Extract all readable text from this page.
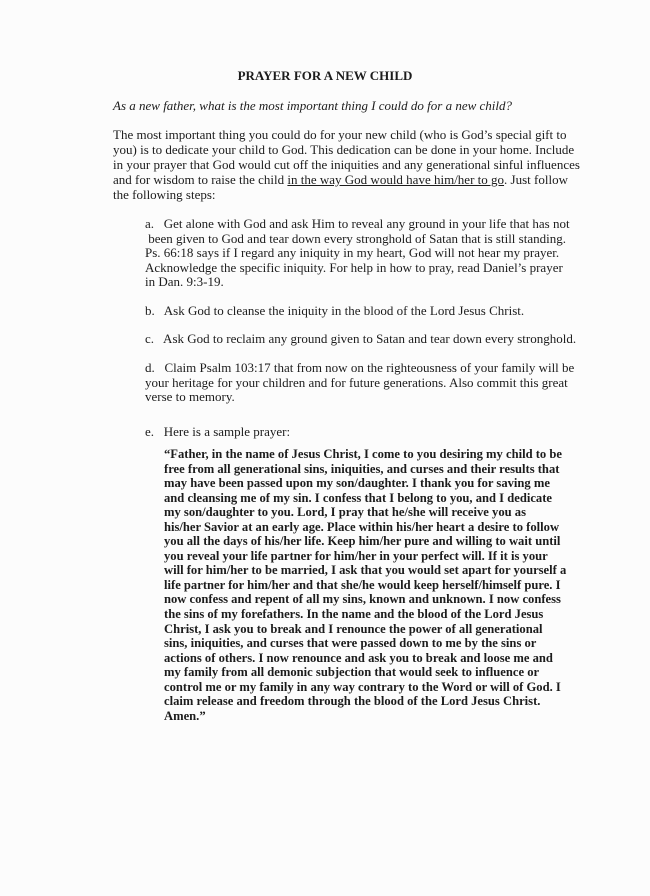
PRAYER FOR A NEW CHILD
As a new father, what is the most important thing I could do for a new child?
The most important thing you could do for your new child (who is God’s special gift to
you) is to dedicate your child to God. This dedication can be done in your home. Include
in your prayer that God would cut off the iniquities and any generational sinful influences
and for wisdom to raise the child in the way God would have him/her to go. Just follow
the following steps:
a.   Get alone with God and ask Him to reveal any ground in your life that has not
been given to God and tear down every stronghold of Satan that is still standing.
Ps. 66:18 says if I regard any iniquity in my heart, God will not hear my prayer.
Acknowledge the specific iniquity. For help in how to pray, read Daniel’s prayer
in Dan. 9:3-19.
b.   Ask God to cleanse the iniquity in the blood of the Lord Jesus Christ.
c.   Ask God to reclaim any ground given to Satan and tear down every stronghold.
d.   Claim Psalm 103:17 that from now on the righteousness of your family will be
your heritage for your children and for future generations. Also commit this great
verse to memory.
e.   Here is a sample prayer:
“Father, in the name of Jesus Christ, I come to you desiring my child to be
free from all generational sins, iniquities, and curses and their results that
may have been passed upon my son/daughter. I thank you for saving me
and cleansing me of my sin. I confess that I belong to you, and I dedicate
my son/daughter to you. Lord, I pray that he/she will receive you as
his/her Savior at an early age. Place within his/her heart a desire to follow
you all the days of his/her life. Keep him/her pure and willing to wait until
you reveal your life partner for him/her in your perfect will. If it is your
will for him/her to be married, I ask that you would set apart for yourself a
life partner for him/her and that she/he would keep herself/himself pure. I
now confess and repent of all my sins, known and unknown. I now confess
the sins of my forefathers. In the name and the blood of the Lord Jesus
Christ, I ask you to break and I renounce the power of all generational
sins, iniquities, and curses that were passed down to me by the sins or
actions of others. I now renounce and ask you to break and loose me and
my family from all demonic subjection that would seek to influence or
control me or my family in any way contrary to the Word or will of God. I
claim release and freedom through the blood of the Lord Jesus Christ.
Amen.”
